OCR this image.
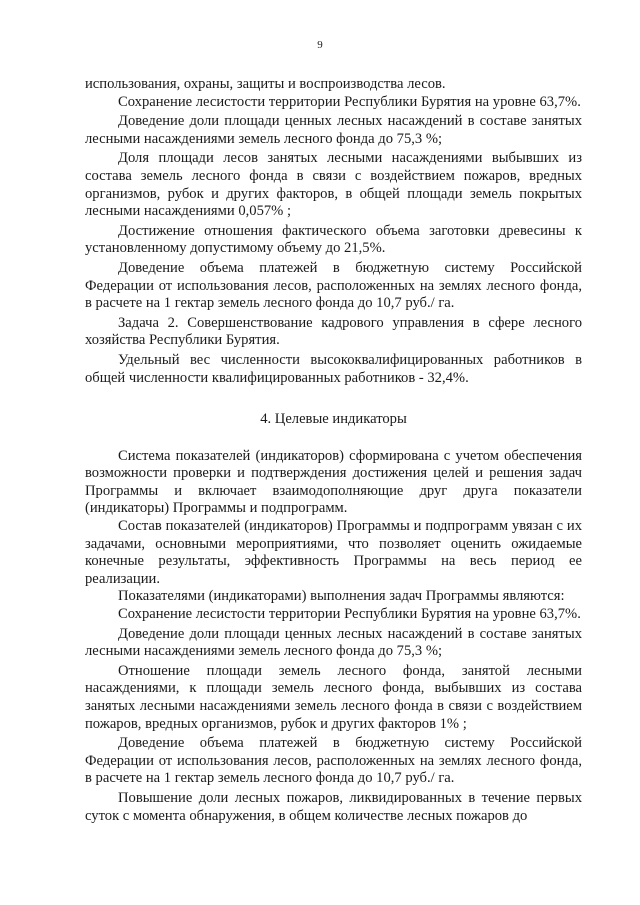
9

использования, охраны, защиты и воспроизводства лесов.

Сохранение лесистости территории Республики Бурятия на уровне 63,7%.

Доведение доли площади ценных лесных насаждений в составе занятых лесными насаждениями земель лесного фонда до 75,3 %;

Доля площади лесов занятых лесными насаждениями выбывших из состава земель лесного фонда в связи с воздействием пожаров, вредных организмов, рубок и других факторов, в общей площади земель покрытых лесными насаждениями 0,057% ;

Достижение отношения фактического объема заготовки древесины к установленному допустимому объему до 21,5%.

Доведение объема платежей в бюджетную систему Российской Федерации от использования лесов, расположенных на землях лесного фонда, в расчете на 1 гектар земель лесного фонда до 10,7 руб./ га.

Задача 2. Совершенствование кадрового управления в сфере лесного хозяйства Республики Бурятия.

Удельный вес численности высококвалифицированных работников в общей численности квалифицированных работников - 32,4%.

4. Целевые индикаторы

Система показателей (индикаторов) сформирована с учетом обеспечения возможности проверки и подтверждения достижения целей и решения задач Программы и включает взаимодополняющие друг друга показатели (индикаторы) Программы и подпрограмм.

Состав показателей (индикаторов) Программы и подпрограмм увязан с их задачами, основными мероприятиями, что позволяет оценить ожидаемые конечные результаты, эффективность Программы на весь период ее реализации.

Показателями (индикаторами) выполнения задач Программы являются:

Сохранение лесистости территории Республики Бурятия на уровне 63,7%.

Доведение доли площади ценных лесных насаждений в составе занятых лесными насаждениями земель лесного фонда до 75,3 %;

Отношение площади земель лесного фонда, занятой лесными насаждениями, к площади земель лесного фонда, выбывших из состава занятых лесными насаждениями земель лесного фонда в связи с воздействием пожаров, вредных организмов, рубок и других факторов 1% ;

Доведение объема платежей в бюджетную систему Российской Федерации от использования лесов, расположенных на землях лесного фонда, в расчете на 1 гектар земель лесного фонда до 10,7 руб./ га.

Повышение доли лесных пожаров, ликвидированных в течение первых суток с момента обнаружения, в общем количестве лесных пожаров до
